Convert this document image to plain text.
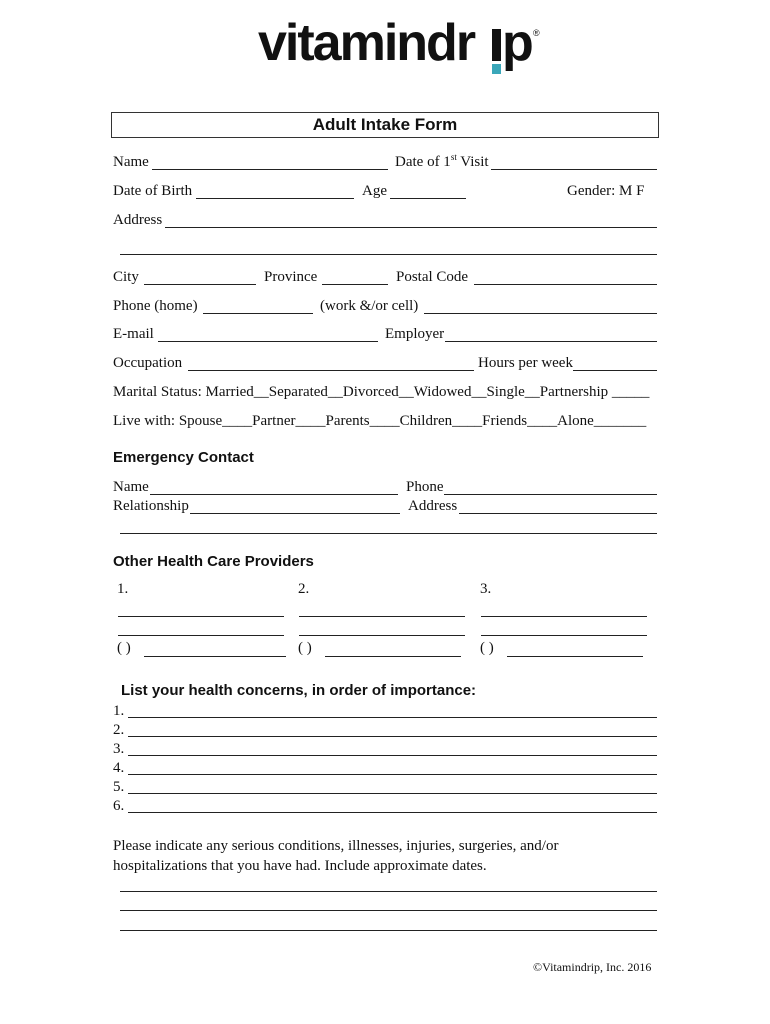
vitamindr p ®
Adult Intake Form
Name	Date of 1st Visit
Date of Birth	Age	Gender: M F
Address
City	Province	Postal Code
Phone (home)	(work &/or cell)
E-mail	Employer
Occupation	Hours per week
Marital Status: Married__Separated__Divorced__Widowed__Single__Partnership _____
Live with: Spouse____Partner____Parents____Children____Friends____Alone_______
Emergency Contact
Name	Phone
Relationship	Address
Other Health Care Providers
1.	2.	3.
( )	( )	( )
List your health concerns, in order of importance:
1.
2.
3.
4.
5.
6.
Please indicate any serious conditions, illnesses, injuries, surgeries, and/or
hospitalizations that you have had. Include approximate dates.
©Vitamindrip, Inc. 2016
